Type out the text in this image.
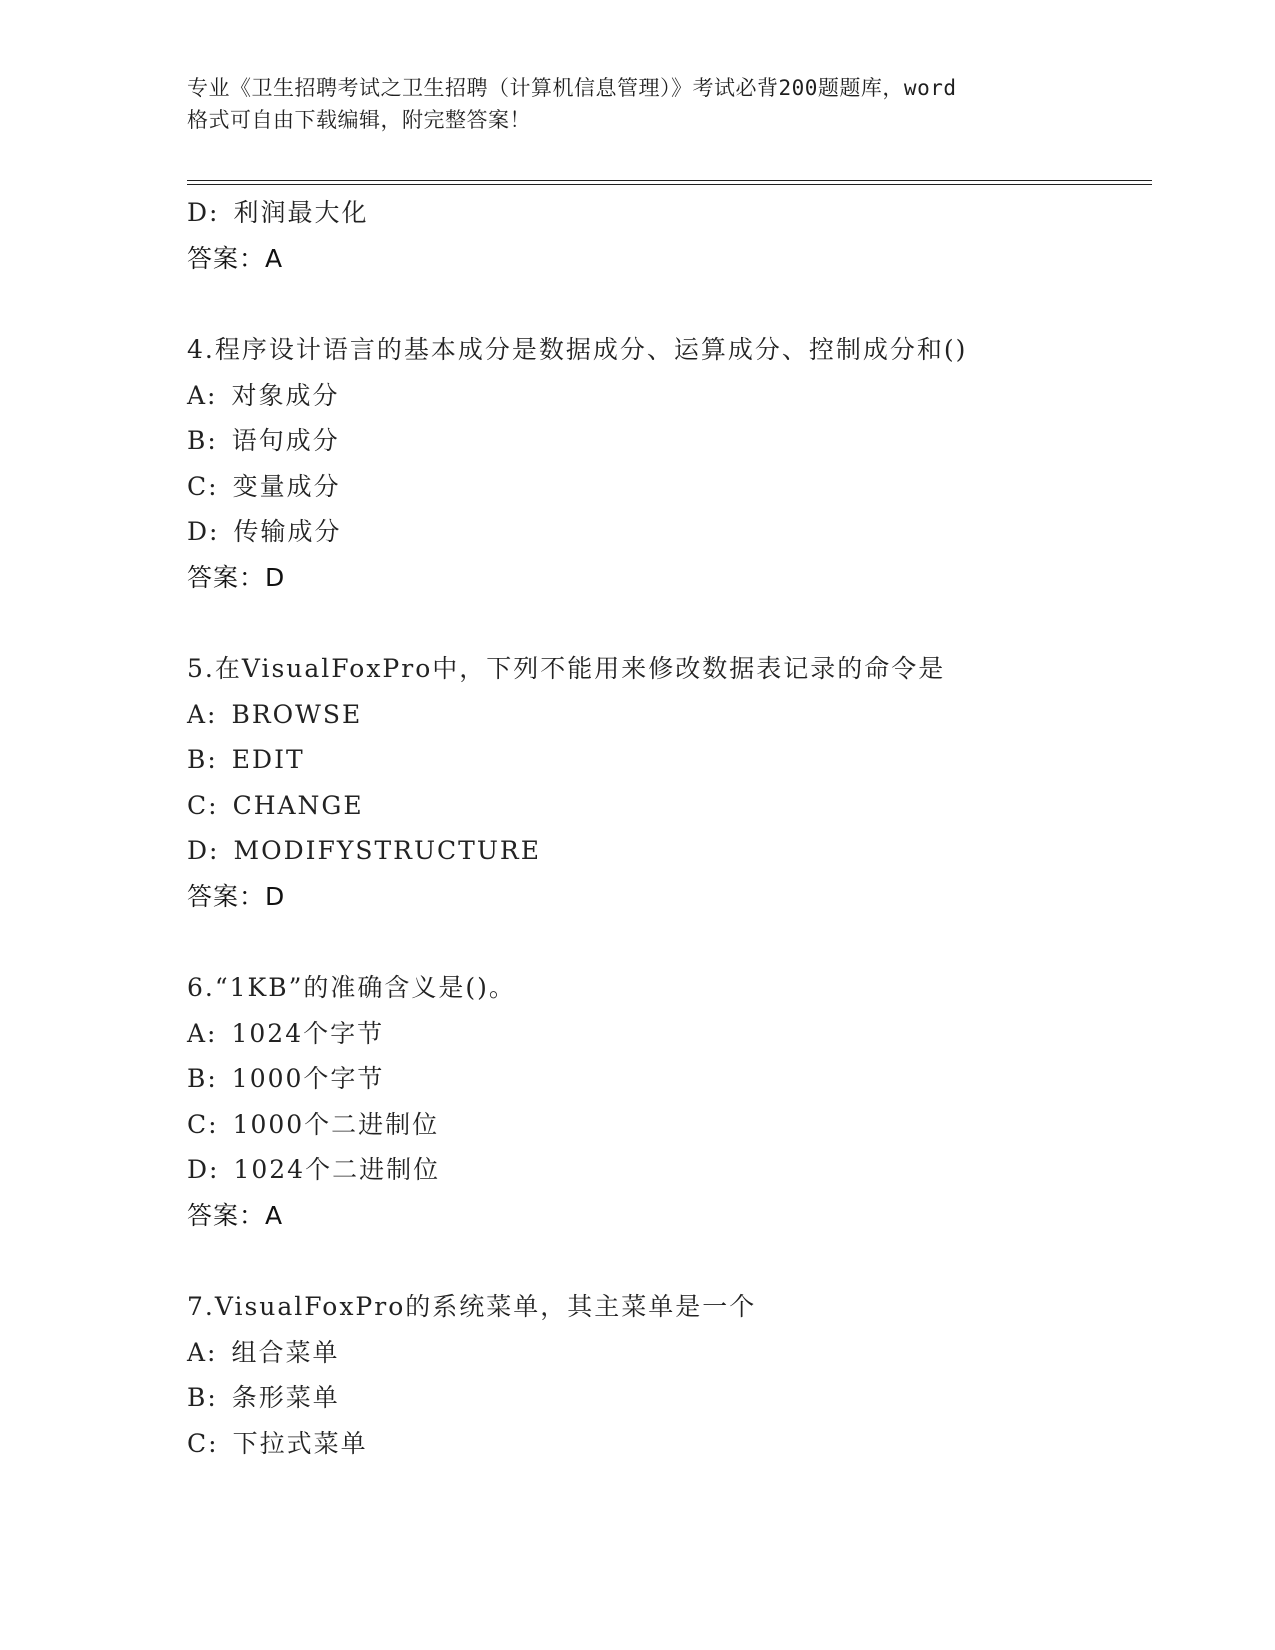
专业《卫生招聘考试之卫生招聘（计算机信息管理）》考试必背200题题库，word
格式可自由下载编辑，附完整答案！
D: 利润最大化
答案：A
4.程序设计语言的基本成分是数据成分、运算成分、控制成分和()
A: 对象成分
B: 语句成分
C: 变量成分
D: 传输成分
答案：D
5.在VisualFoxPro中，下列不能用来修改数据表记录的命令是
A: BROWSE
B: EDIT
C: CHANGE
D: MODIFYSTRUCTURE
答案：D
6.“1KB”的准确含义是()。
A: 1024个字节
B: 1000个字节
C: 1000个二进制位
D: 1024个二进制位
答案：A
7.VisualFoxPro的系统菜单，其主菜单是一个
A: 组合菜单
B: 条形菜单
C: 下拉式菜单
